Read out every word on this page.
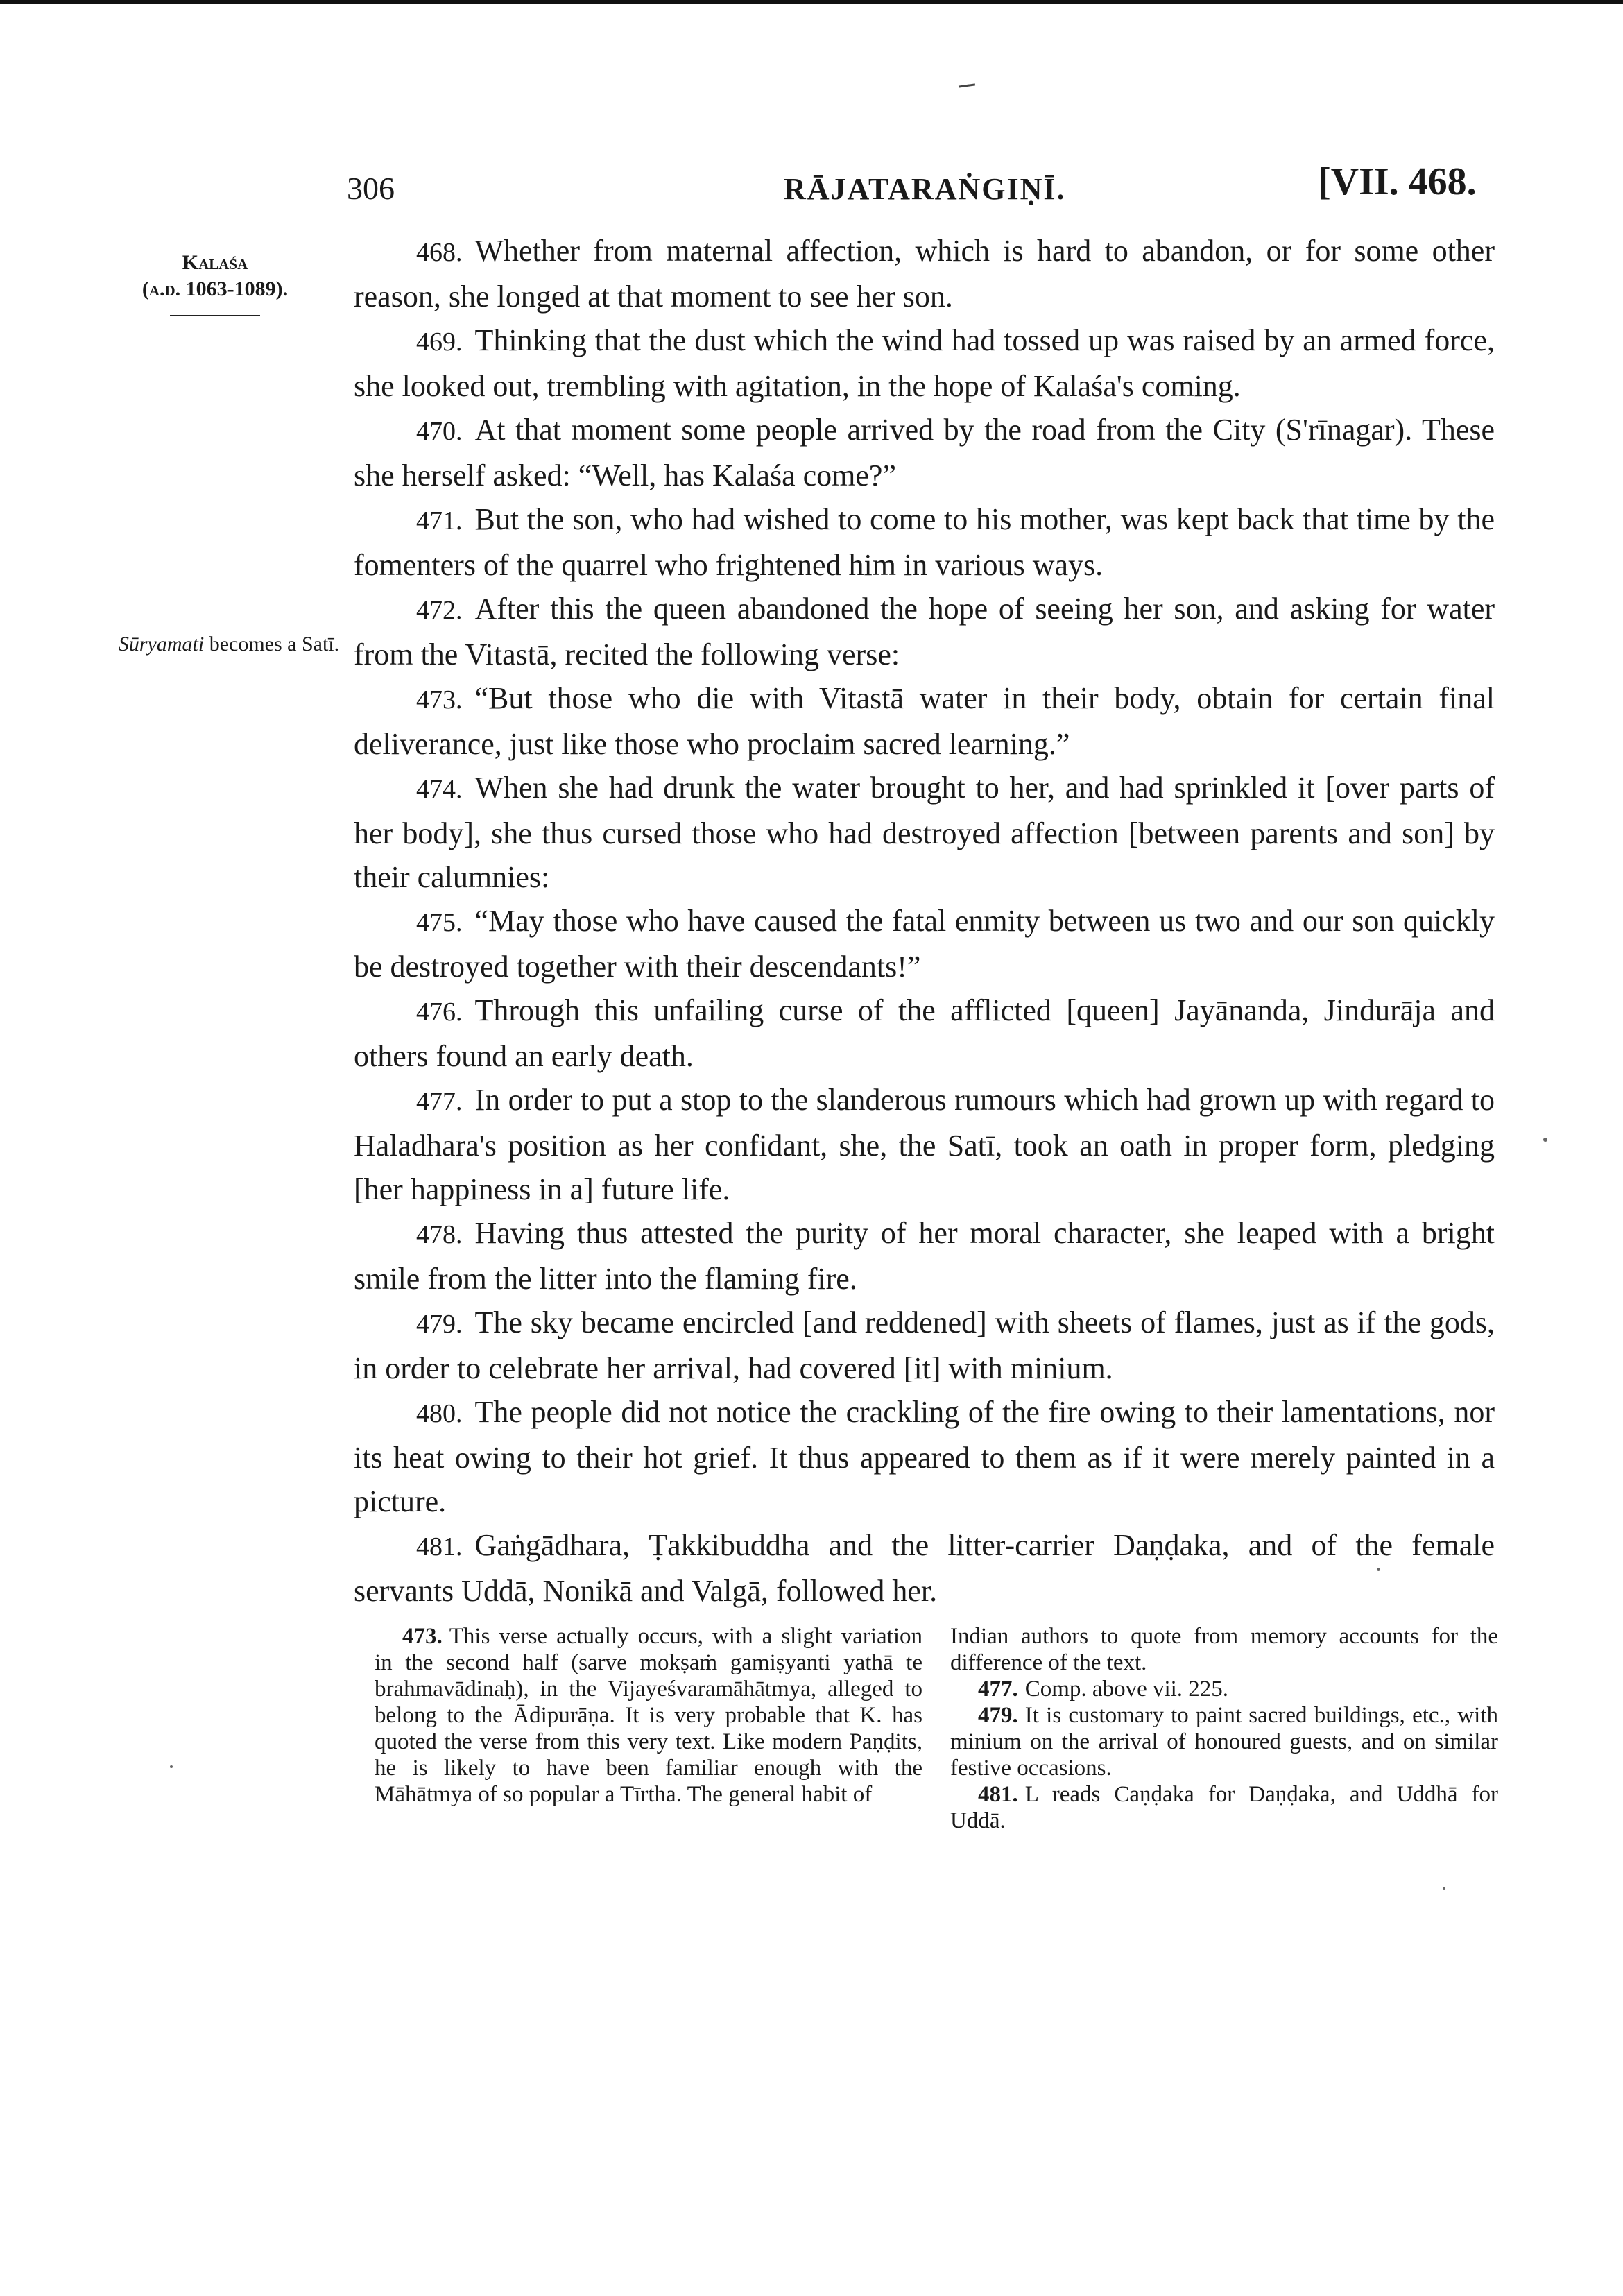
306	RĀJATARAṄGIṆĪ.	[VII. 468.
Kalaśa
(a.d. 1063-1089).
Sūryamati becomes a Satī.

468. Whether from maternal affection, which is hard to abandon, or for some other reason, she longed at that moment to see her son.

469. Thinking that the dust which the wind had tossed up was raised by an armed force, she looked out, trembling with agitation, in the hope of Kalaśa's coming.

470. At that moment some people arrived by the road from the City (S'rīnagar). These she herself asked: “Well, has Kalaśa come?”

471. But the son, who had wished to come to his mother, was kept back that time by the fomenters of the quarrel who frightened him in various ways.

472. After this the queen abandoned the hope of seeing her son, and asking for water from the Vitastā, recited the following verse:

473. “But those who die with Vitastā water in their body, obtain for certain final deliverance, just like those who proclaim sacred learning.”

474. When she had drunk the water brought to her, and had sprinkled it [over parts of her body], she thus cursed those who had destroyed affection [between parents and son] by their calumnies:

475. “May those who have caused the fatal enmity between us two and our son quickly be destroyed together with their descendants!”

476. Through this unfailing curse of the afflicted [queen] Jayānanda, Jindurāja and others found an early death.

477. In order to put a stop to the slanderous rumours which had grown up with regard to Haladhara's position as her confidant, she, the Satī, took an oath in proper form, pledging [her happiness in a] future life.

478. Having thus attested the purity of her moral character, she leaped with a bright smile from the litter into the flaming fire.

479. The sky became encircled [and reddened] with sheets of flames, just as if the gods, in order to celebrate her arrival, had covered [it] with minium.

480. The people did not notice the crackling of the fire owing to their lamentations, nor its heat owing to their hot grief. It thus appeared to them as if it were merely painted in a picture.

481. Gaṅgādhara, Ṭakkibuddha and the litter-carrier Daṇḍaka, and of the female servants Uddā, Nonikā and Valgā, followed her.

473. This verse actually occurs, with a slight variation in the second half (sarve mokṣaṁ gamiṣyanti yathā te brahmavādinaḥ), in the Vijayeśvaramāhātmya, alleged to belong to the Ādipurāṇa. It is very probable that K. has quoted the verse from this very text. Like modern Paṇḍits, he is likely to have been familiar enough with the Māhātmya of so popular a Tīrtha. The general habit of

Indian authors to quote from memory accounts for the difference of the text.

477. Comp. above vii. 225.

479. It is customary to paint sacred buildings, etc., with minium on the arrival of honoured guests, and on similar festive occasions.

481. L reads Caṇḍaka for Daṇḍaka, and Uddhā for Uddā.
